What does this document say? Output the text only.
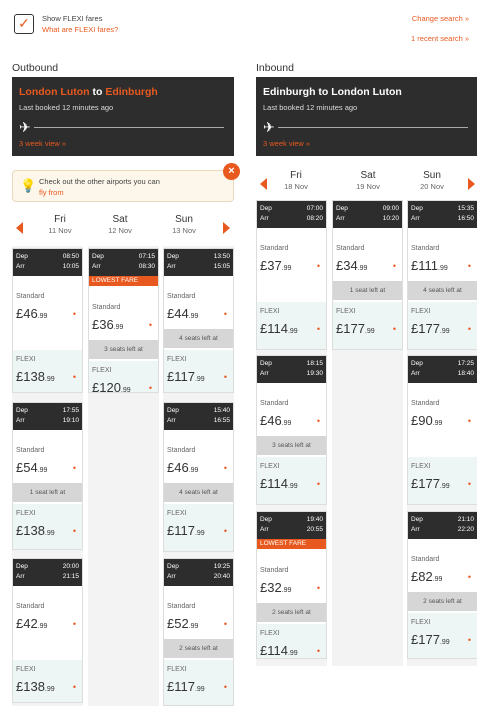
✓	Show FLEXI fares
What are FLEXI fares?
Change search »
1 recent search »
Outbound
London Luton to Edinburgh
Last booked 12 minutes ago
✈
3 week view »
Inbound
Edinburgh to London Luton
Last booked 12 minutes ago
✈
3 week view »
💡 Check out the other airports you can
fly from
×
Fri
11 Nov
Sat
12 Nov
Sun
13 Nov
Fri
18 Nov
Sat
19 Nov
Sun
20 Nov
Dep
Arr
08:50
10:05
Standard
£46.99	•
FLEXI
£138.99 •
Dep
Arr
17:55
19:10
Standard
£54.99	•
1 seat left at
FLEXI
£138.99 •
Dep
Arr
20:00
21:15
Standard
£42.99	•
FLEXI
£138.99 •
Dep
Arr
07:15
08:30
LOWEST FARE
Standard
£36.99	•
3 seats left at
FLEXI
£120.99 •
Dep
Arr
13:50
15:05
Standard
£44.99	•
4 seats left at
FLEXI
£117.99 •
Dep
Arr
15:40
16:55
Standard
£46.99	•
4 seats left at
FLEXI
£117.99 •
Dep
Arr
19:25
20:40
Standard
£52.99	•
2 seats left at
FLEXI
£117.99 •
Dep
Arr
07:00
08:20
Standard
£37.99	•
FLEXI
£114.99 •
Dep
Arr
18:15
19:30
Standard
£46.99	•
3 seats left at
FLEXI
£114.99 •
Dep
Arr
19:40
20:55
LOWEST FARE
Standard
£32.99	•
2 seats left at
FLEXI
£114.99 •
Dep
Arr
09:00
10:20
Standard
£34.99	•
1 seat left at
FLEXI
£177.99 •
Dep
Arr
15:35
16:50
Standard
£111.99 •
4 seats left at
FLEXI
£177.99 •
Dep
Arr
17:25
18:40
Standard
£90.99	•
FLEXI
£177.99 •
Dep
Arr
21:10
22:20
Standard
£82.99	•
2 seats left at
FLEXI
£177.99 •
